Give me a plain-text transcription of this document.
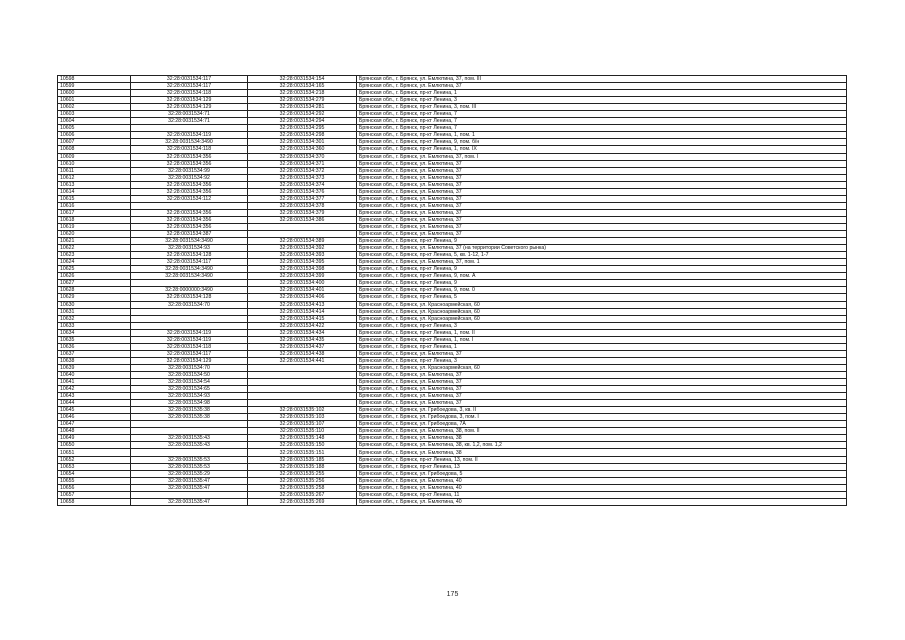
10598	32:28:0031534:117	32:28:0031534:154	Брянская обл., г. Брянск, ул. Емлютина, 37, пом. III
10599	32:28:0031534:117	32:28:0031534:165	Брянская обл., г. Брянск, ул. Емлютина, 37
10600	32:28:0031534:118	32:28:0031534:218	Брянская обл., г. Брянск, пр-кт Ленина, 1
10601	32:28:0031534:129	32:28:0031534:279	Брянская обл., г. Брянск, пр-кт Ленина, 3
10602	32:28:0031534:129	32:28:0031534:281	Брянская обл., г. Брянск, пр-кт Ленина, 3, пом. III
10603	32:28:0031534:71	32:28:0031534:292	Брянская обл., г. Брянск, пр-кт Ленина, 7
10604	32:28:0031534:71	32:28:0031534:294	Брянская обл., г. Брянск, пр-кт Ленина, 7
10605		32:28:0031534:295	Брянская обл., г. Брянск, пр-кт Ленина, 7
10606	32:28:0031534:119	32:28:0031534:298	Брянская обл., г. Брянск, пр-кт Ленина, 1, пом. 1
10607	32:28:0031534:3490	32:28:0031534:301	Брянская обл., г. Брянск, пр-кт Ленина, 9, пом. б/н
10608	32:28:0031534:118	32:28:0031534:360	Брянская обл., г. Брянск, пр-кт Ленина, 1, пом. IX
10609	32:28:0031534:356	32:28:0031534:370	Брянская обл., г. Брянск, ул. Емлютина, 37, пом. I
10610	32:28:0031534:356	32:28:0031534:371	Брянская обл., г. Брянск, ул. Емлютина, 37
10611	32:28:0031534:99	32:28:0031534:372	Брянская обл., г. Брянск, ул. Емлютина, 37
10612	32:28:0031534:92	32:28:0031534:373	Брянская обл., г. Брянск, ул. Емлютина, 37
10613	32:28:0031534:356	32:28:0031534:374	Брянская обл., г. Брянск, ул. Емлютина, 37
10614	32:28:0031534:356	32:28:0031534:376	Брянская обл., г. Брянск, ул. Емлютина, 37
10615	32:28:0031534:112	32:28:0031534:377	Брянская обл., г. Брянск, ул. Емлютина, 37
10616		32:28:0031534:378	Брянская обл., г. Брянск, ул. Емлютина, 37
10617	32:28:0031534:356	32:28:0031534:379	Брянская обл., г. Брянск, ул. Емлютина, 37
10618	32:28:0031534:356	32:28:0031534:386	Брянская обл., г. Брянск, ул. Емлютина, 37
10619	32:28:0031534:356		Брянская обл., г. Брянск, ул. Емлютина, 37
10620	32:28:0031534:387		Брянская обл., г. Брянск, ул. Емлютина, 37
10621	32:28:0031534:3490	32:28:0031534:389	Брянская обл., г. Брянск, пр-кт Ленина, 9
10622	32:28:0031534:93	32:28:0031534:392	Брянская обл., г. Брянск, ул. Емлютина, 37 (на территории Советского рынка)
10623	32:28:0031534:128	32:28:0031534:393	Брянская обл., г. Брянск, пр-кт Ленина, 5, кв. 1-12, 1-7
10624	32:28:0031534:117	32:28:0031534:395	Брянская обл., г. Брянск, ул. Емлютина, 37, пом. 1
10625	32:28:0031534:3490	32:28:0031534:398	Брянская обл., г. Брянск, пр-кт Ленина, 9
10626	32:28:0031534:3490	32:28:0031534:399	Брянская обл., г. Брянск, пр-кт Ленина, 9, пом. А
10627		32:28:0031534:400	Брянская обл., г. Брянск, пр-кт Ленина, 9
10628	32:28:0000000:3490	32:28:0031534:401	Брянская обл., г. Брянск, пр-кт Ленина, 9, пом. 0
10629	32:28:0031534:128	32:28:0031534:406	Брянская обл., г. Брянск, пр-кт Ленина, 5
10630	32:28:0031534:70	32:28:0031534:413	Брянская обл., г. Брянск, ул. Красноармейская, 60
10631		32:28:0031534:414	Брянская обл., г. Брянск, ул. Красноармейская, 60
10632		32:28:0031534:415	Брянская обл., г. Брянск, ул. Красноармейская, 60
10633		32:28:0031534:422	Брянская обл., г. Брянск, пр-кт Ленина, 3
10634	32:28:0031534:119	32:28:0031534:434	Брянская обл., г. Брянск, пр-кт Ленина, 1, пом. II
10635	32:28:0031534:119	32:28:0031534:435	Брянская обл., г. Брянск, пр-кт Ленина, 1, пом. I
10636	32:28:0031534:118	32:28:0031534:437	Брянская обл., г. Брянск, пр-кт Ленина, 1
10637	32:28:0031534:117	32:28:0031534:438	Брянская обл., г. Брянск, ул. Емлютина, 37
10638	32:28:0031534:129	32:28:0031534:441	Брянская обл., г. Брянск, пр-кт Ленина, 3
10639	32:28:0031534:70		Брянская обл., г. Брянск, ул. Красноармейская, 60
10640	32:28:0031534:50		Брянская обл., г. Брянск, ул. Емлютина, 37
10641	32:28:0031534:54		Брянская обл., г. Брянск, ул. Емлютина, 37
10642	32:28:0031534:65		Брянская обл., г. Брянск, ул. Емлютина, 37
10643	32:28:0031534:93		Брянская обл., г. Брянск, ул. Емлютина, 37
10644	32:28:0031534:98		Брянская обл., г. Брянск, ул. Емлютина, 37
10645	32:28:0031535:38	32:28:0031535:102	Брянская обл., г. Брянск, ул. Грибоедова, 3, кв. II
10646	32:28:0031535:38	32:28:0031535:103	Брянская обл., г. Брянск, ул. Грибоедова, 3, пом. I
10647		32:28:0031535:107	Брянская обл., г. Брянск, ул. Грибоедова, 7А
10648		32:28:0031535:110	Брянская обл., г. Брянск, ул. Емлютина, 38, пом. II
10649	32:28:0031535:43	32:28:0031535:148	Брянская обл., г. Брянск, ул. Емлютина, 38
10650	32:28:0031535:43	32:28:0031535:150	Брянская обл., г. Брянск, ул. Емлютина, 38, кв. 1,2, пом. 1,2
10651		32:28:0031535:151	Брянская обл., г. Брянск, ул. Емлютина, 38
10652	32:28:0031535:53	32:28:0031535:185	Брянская обл., г. Брянск, пр-кт Ленина, 13, пом. II
10653	32:28:0031535:53	32:28:0031535:188	Брянская обл., г. Брянск, пр-кт Ленина, 13
10654	32:28:0031535:29	32:28:0031535:255	Брянская обл., г. Брянск, ул. Грибоедова, 5
10655	32:28:0031535:47	32:28:0031535:256	Брянская обл., г. Брянск, ул. Емлютина, 40
10656	32:28:0031535:47	32:28:0031535:258	Брянская обл., г. Брянск, ул. Емлютина, 40
10657		32:28:0031535:267	Брянская обл., г. Брянск, пр-кт Ленина, 11
10658	32:28:0031535:47	32:28:0031535:269	Брянская обл., г. Брянск, ул. Емлютина, 40
175
